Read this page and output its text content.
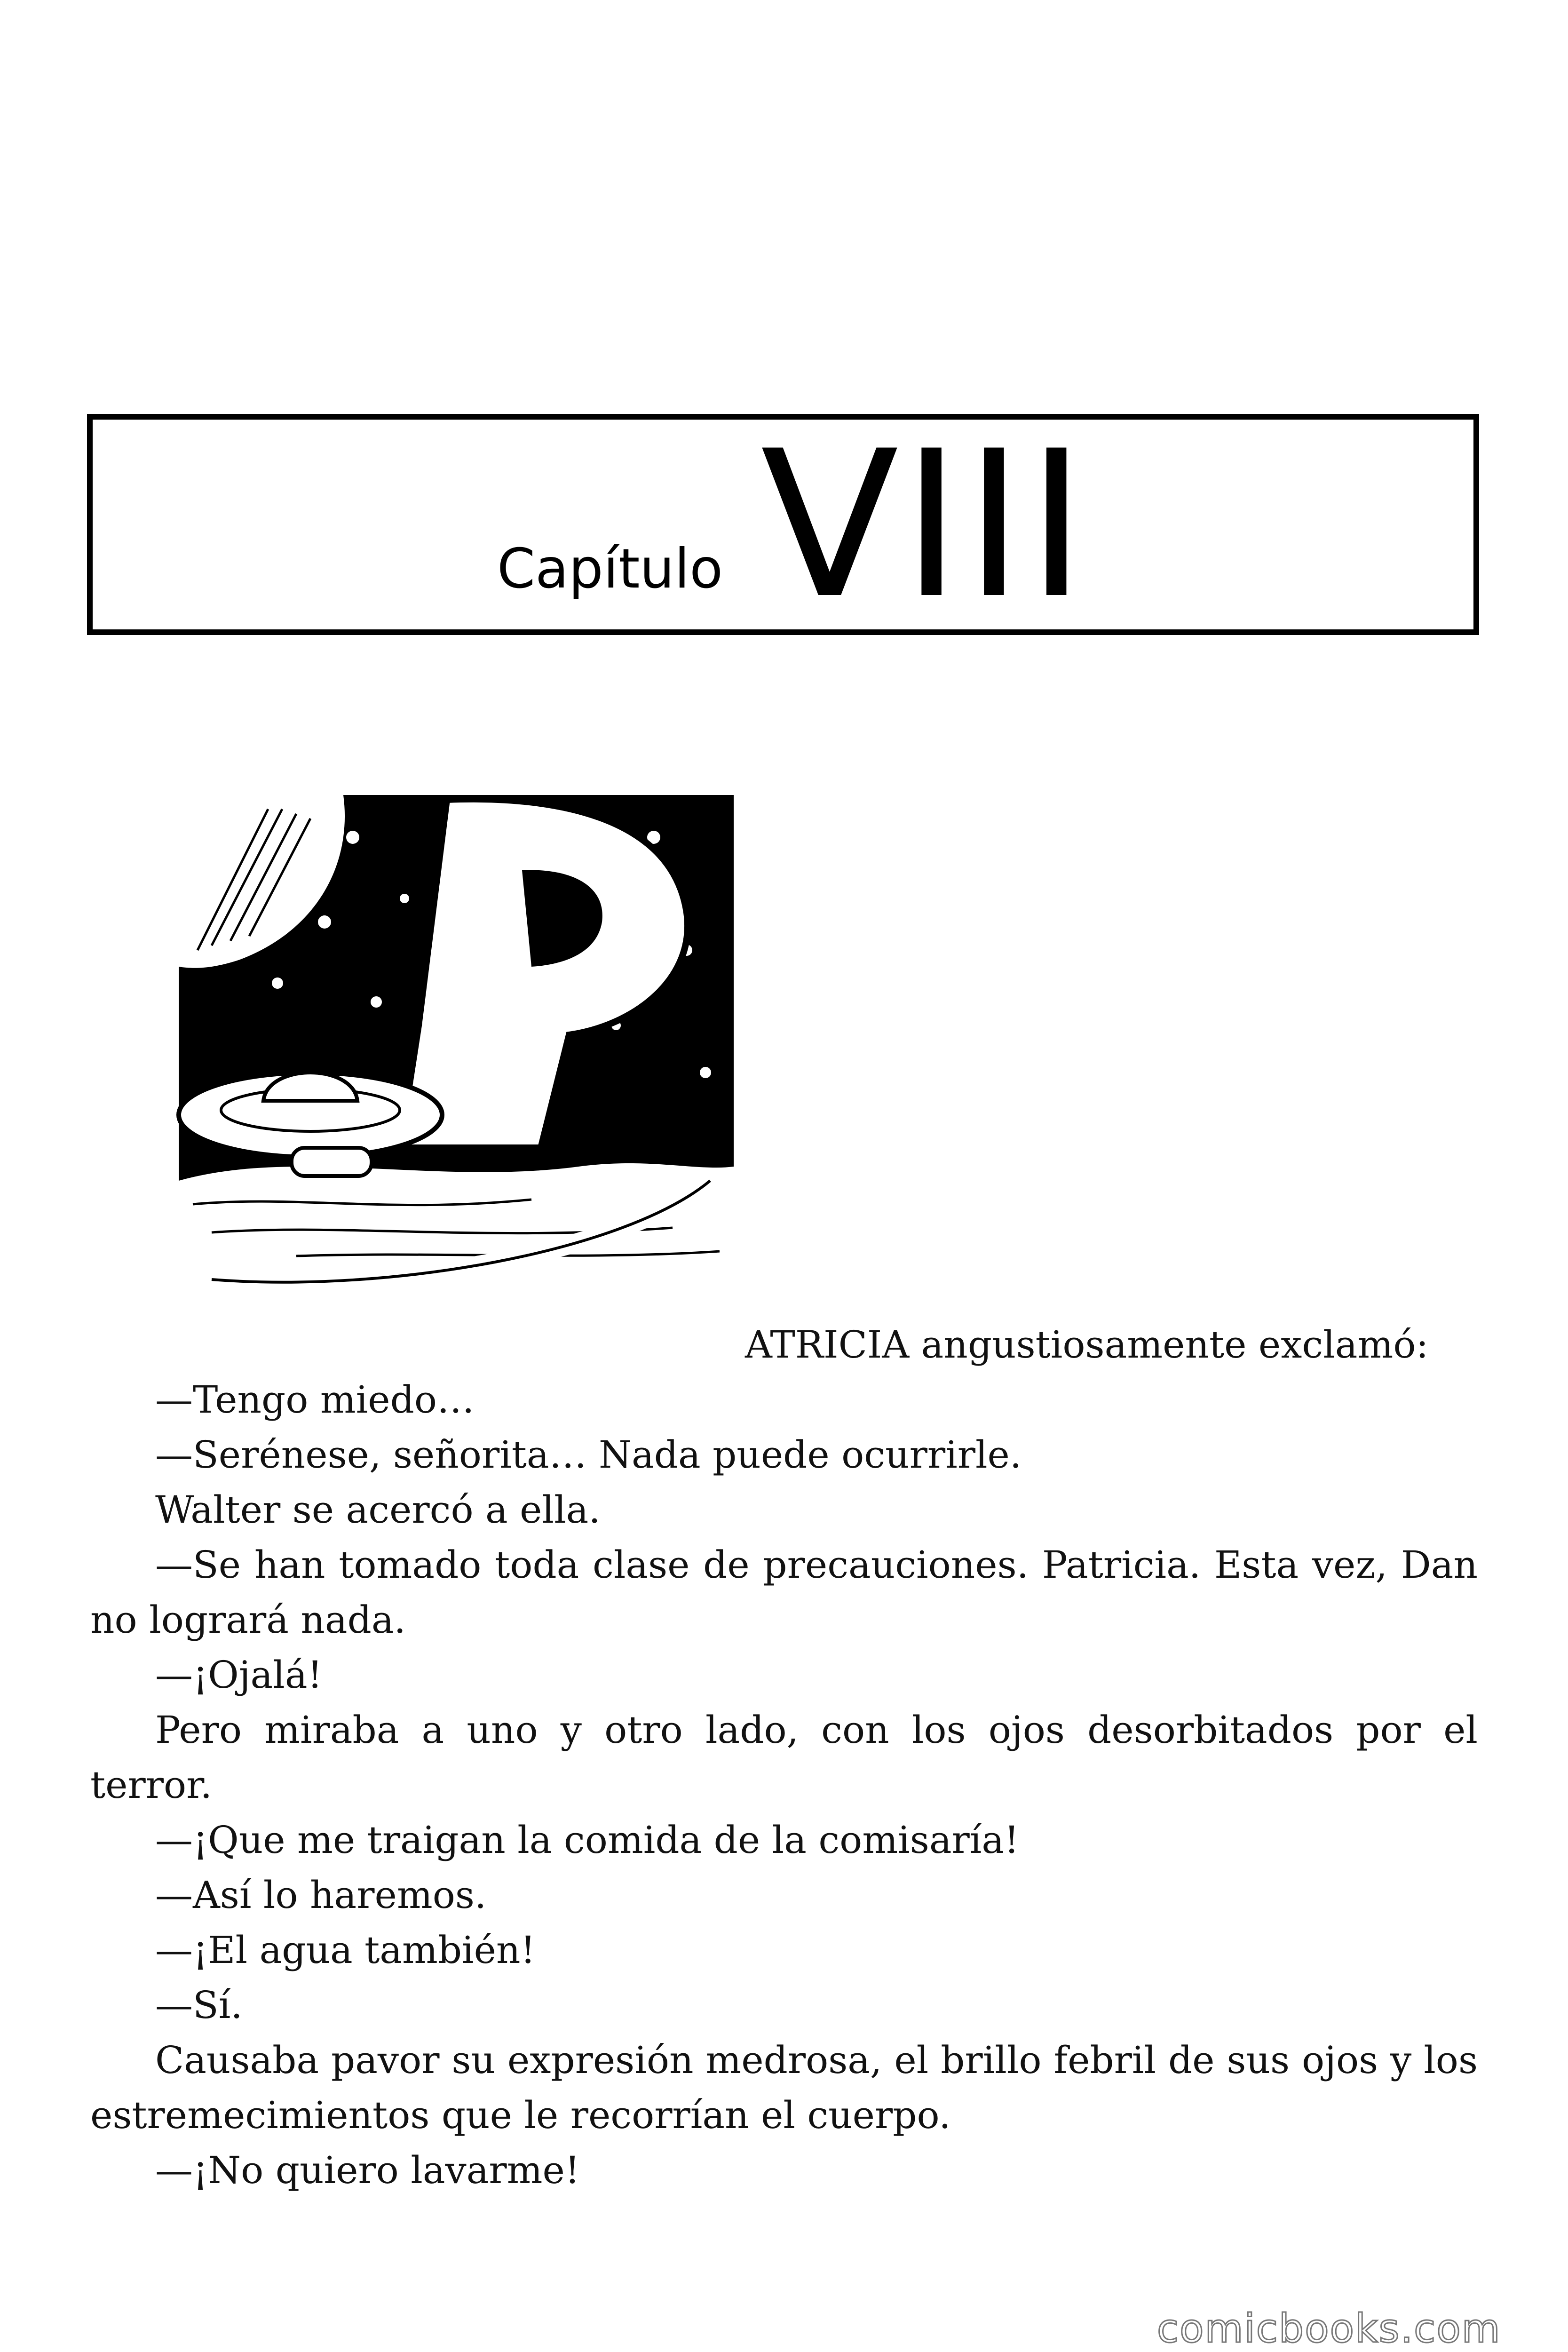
Capítulo VIII

ATRICIA angustiosamente exclamó:

—Tengo miedo…

—Serénese, señorita… Nada puede ocurrirle.

Walter se acercó a ella.

—Se han tomado toda clase de precauciones. Patricia. Esta vez, Dan no logrará nada.

—¡Ojalá!

Pero miraba a uno y otro lado, con los ojos desorbitados por el terror.

—¡Que me traigan la comida de la comisaría!

—Así lo haremos.

—¡El agua también!

—Sí.

Causaba pavor su expresión medrosa, el brillo febril de sus ojos y los estremecimientos que le recorrían el cuerpo.

—¡No quiero lavarme!

comicbooks.com
